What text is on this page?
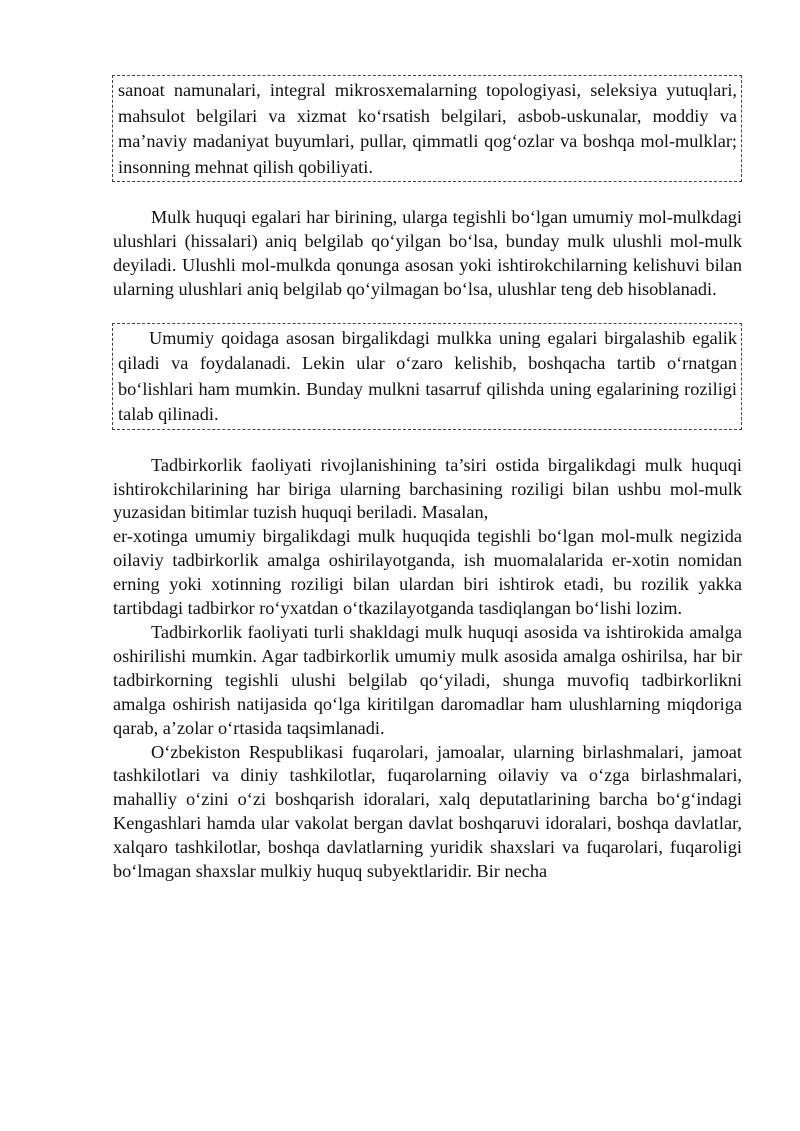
sanoat namunalari, integral mikrosxemalarning topologiyasi, seleksiya yutuqlari, mahsulot belgilari va xizmat ko‘rsatish belgilari, asbob-uskunalar, moddiy va ma’naviy madaniyat buyumlari, pullar, qimmatli qog‘ozlar va boshqa mol-mulklar; insonning mehnat qilish qobiliyati.

Mulk huquqi egalari har birining, ularga tegishli bo‘lgan umumiy mol-mulkdagi ulushlari (hissalari) aniq belgilab qo‘yilgan bo‘lsa, bunday mulk ulushli mol-mulk deyiladi. Ulushli mol-mulkda qonunga asosan yoki ishtirokchilarning kelishuvi bilan ularning ulushlari aniq belgilab qo‘yilmagan bo‘lsa, ulushlar teng deb hisoblanadi.

Umumiy qoidaga asosan birgalikdagi mulkka uning egalari birgalashib egalik qiladi va foydalanadi. Lekin ular o‘zaro kelishib, boshqacha tartib o‘rnatgan bo‘lishlari ham mumkin. Bunday mulkni tasarruf qilishda uning egalarining roziligi talab qilinadi.

Tadbirkorlik faoliyati rivojlanishining ta’siri ostida birgalikdagi mulk huquqi ishtirokchilarining har biriga ularning barchasining roziligi bilan ushbu mol-mulk yuzasidan bitimlar tuzish huquqi beriladi. Masalan,

er-xotinga umumiy birgalikdagi mulk huquqida tegishli bo‘lgan mol-mulk negizida oilaviy tadbirkorlik amalga oshirilayotganda, ish muomalalarida er-xotin nomidan erning yoki xotinning roziligi bilan ulardan biri ishtirok etadi, bu rozilik yakka tartibdagi tadbirkor ro‘yxatdan o‘tkazilayotganda tasdiqlangan bo‘lishi lozim.

Tadbirkorlik faoliyati turli shakldagi mulk huquqi asosida va ishtirokida amalga oshirilishi mumkin. Agar tadbirkorlik umumiy mulk asosida amalga oshirilsa, har bir tadbirkorning tegishli ulushi belgilab qo‘yiladi, shunga muvofiq tadbirkorlikni amalga oshirish natijasida qo‘lga kiritilgan daromadlar ham ulushlarning miqdoriga qarab, a’zolar o‘rtasida taqsimlanadi.

O‘zbekiston Respublikasi fuqarolari, jamoalar, ularning birlashmalari, jamoat tashkilotlari va diniy tashkilotlar, fuqarolarning oilaviy va o‘zga birlashmalari, mahalliy o‘zini o‘zi boshqarish idoralari, xalq deputatlarining barcha bo‘g‘indagi Kengashlari hamda ular vakolat bergan davlat boshqaruvi idoralari, boshqa davlatlar, xalqaro tashkilotlar, boshqa davlatlarning yuridik shaxslari va fuqarolari, fuqaroligi bo‘lmagan shaxslar mulkiy huquq subyektlaridir. Bir necha
